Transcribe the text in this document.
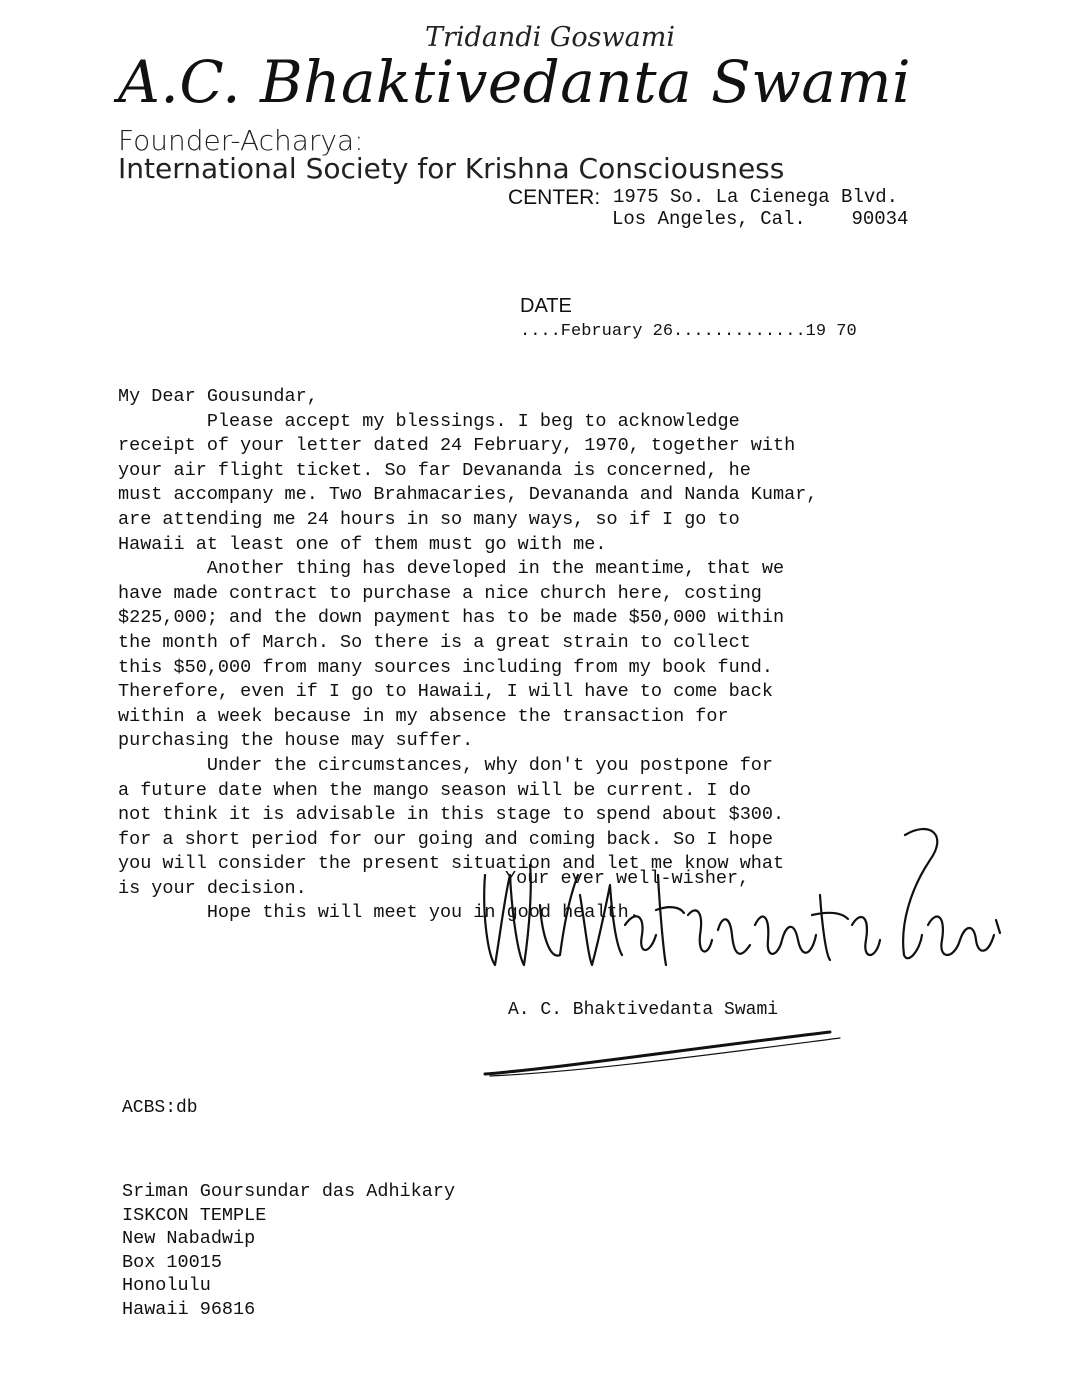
Tridandi Goswami
A.C. Bhaktivedanta Swami
Founder-Acharya:
International Society for Krishna Consciousness
CENTER: 1975 So. La Cienega Blvd.
Los Angeles, Cal.    90034

DATE
....February 26.............19 70

My Dear Gousundar,
Please accept my blessings. I beg to acknowledge
receipt of your letter dated 24 February, 1970, together with
your air flight ticket. So far Devananda is concerned, he
must accompany me. Two Brahmacaries, Devananda and Nanda Kumar,
are attending me 24 hours in so many ways, so if I go to
Hawaii at least one of them must go with me.
Another thing has developed in the meantime, that we
have made contract to purchase a nice church here, costing
$225,000; and the down payment has to be made $50,000 within
the month of March. So there is a great strain to collect
this $50,000 from many sources including from my book fund.
Therefore, even if I go to Hawaii, I will have to come back
within a week because in my absence the transaction for
purchasing the house may suffer.
Under the circumstances, why don't you postpone for
a future date when the mango season will be current. I do
not think it is advisable in this stage to spend about $300.
for a short period for our going and coming back. So I hope
you will consider the present situation and let me know what
is your decision.
Hope this will meet you in good health.
Your ever well-wisher,
A. C. Bhaktivedanta Swami
ACBS:db
Sriman Goursundar das Adhikary
ISKCON TEMPLE
New Nabadwip
Box 10015
Honolulu
Hawaii 96816
